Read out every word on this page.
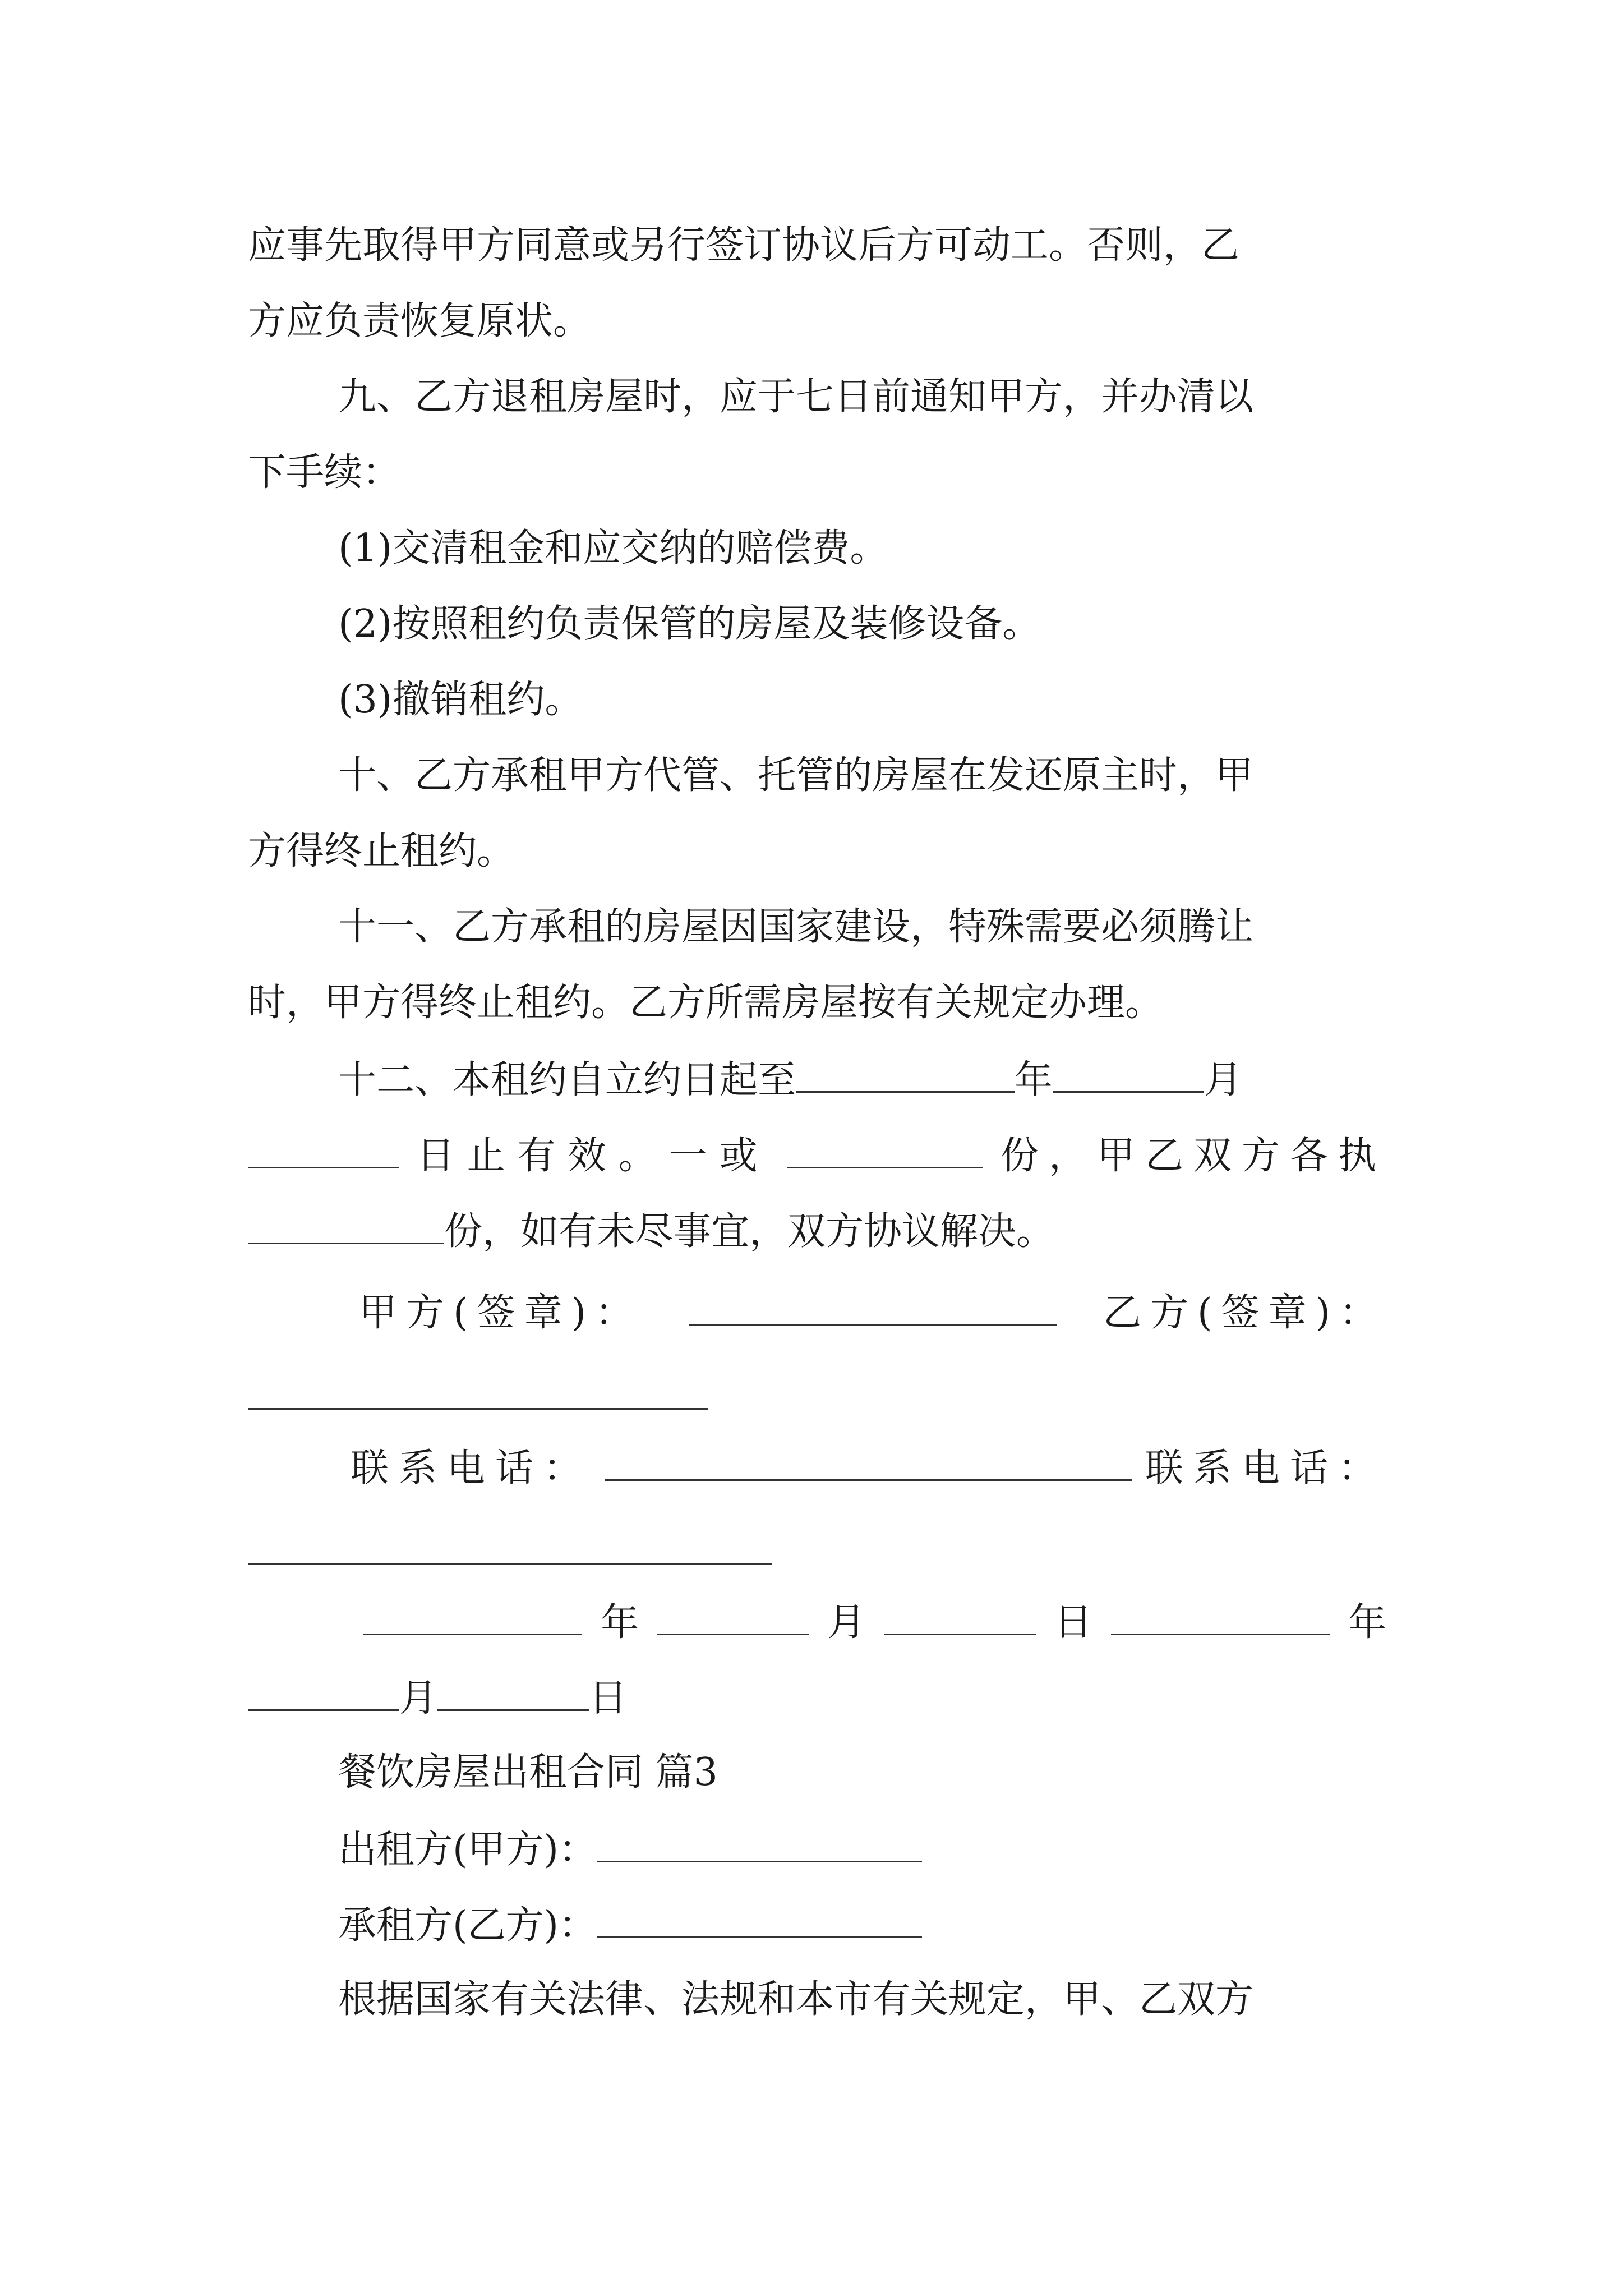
应事先取得甲方同意或另行签订协议后方可动工。否则，乙
方应负责恢复原状。
九、乙方退租房屋时，应于七日前通知甲方，并办清以
下手续：
(1)交清租金和应交纳的赔偿费。
(2)按照租约负责保管的房屋及装修设备。
(3)撤销租约。
十、乙方承租甲方代管、托管的房屋在发还原主时，甲
方得终止租约。
十一、乙方承租的房屋因国家建设，特殊需要必须腾让
时，甲方得终止租约。乙方所需房屋按有关规定办理。
十二、本租约自立约日起至	年	月
日止有效。一或	份，甲乙双方各执
份，如有未尽事宜，双方协议解决。
甲方(签章)：	乙方(签章)：
联系电话：	联系电话：
年	月	日	年
月	日
餐饮房屋出租合同 篇3
出租方(甲方)：
承租方(乙方)：
根据国家有关法律、法规和本市有关规定，甲、乙双方
